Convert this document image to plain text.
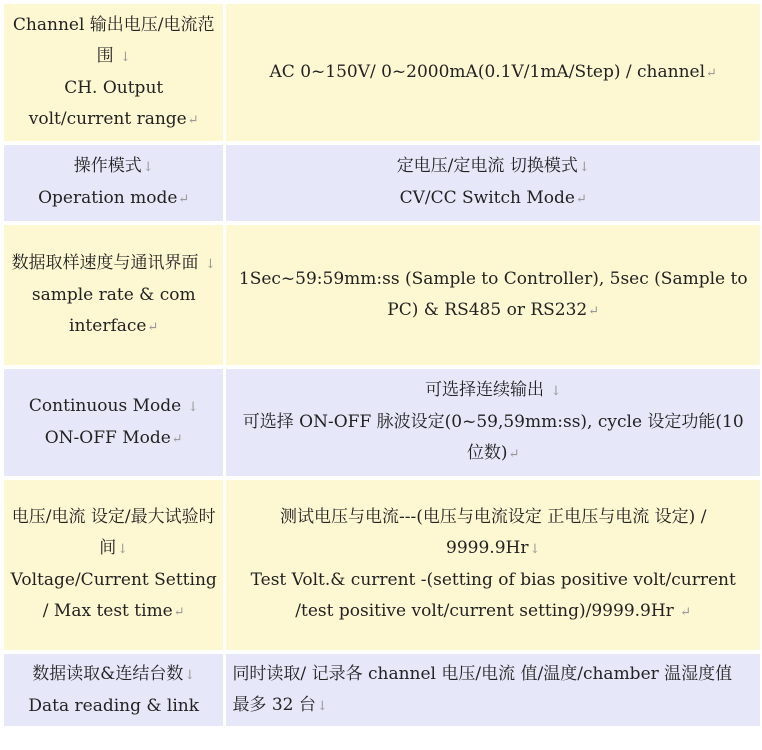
Channel 输出电压/电流范围 ↓
CH. Output
volt/current range↵	AC 0~150V/ 0~2000mA(0.1V/1mA/Step) / channel↵

操作模式↓
Operation mode↵	定电压/定电流 切换模式↓
CV/CC Switch Mode↵

数据取样速度与通讯界面 ↓
sample rate & com interface↵	1Sec~59:59mm:ss (Sample to Controller), 5sec (Sample to PC) & RS485 or RS232↵

Continuous Mode ↓
ON-OFF Mode↵	可选择连续输出 ↓
可选择 ON-OFF 脉波设定(0~59,59mm:ss), cycle 设定功能(10 位数)↵

电压/电流 设定/最大试验时间↓
Voltage/Current Setting / Max test time↵	测试电压与电流---(电压与电流设定 正电压与电流 设定) / 9999.9Hr↓
Test Volt.& current -(setting of bias positive volt/current /test positive volt/current setting)/9999.9Hr ↵

数据读取&连结台数↓
Data reading & link	同时读取/ 记录各 channel 电压/电流 值/温度/chamber 温湿度值 最多 32 台↓
